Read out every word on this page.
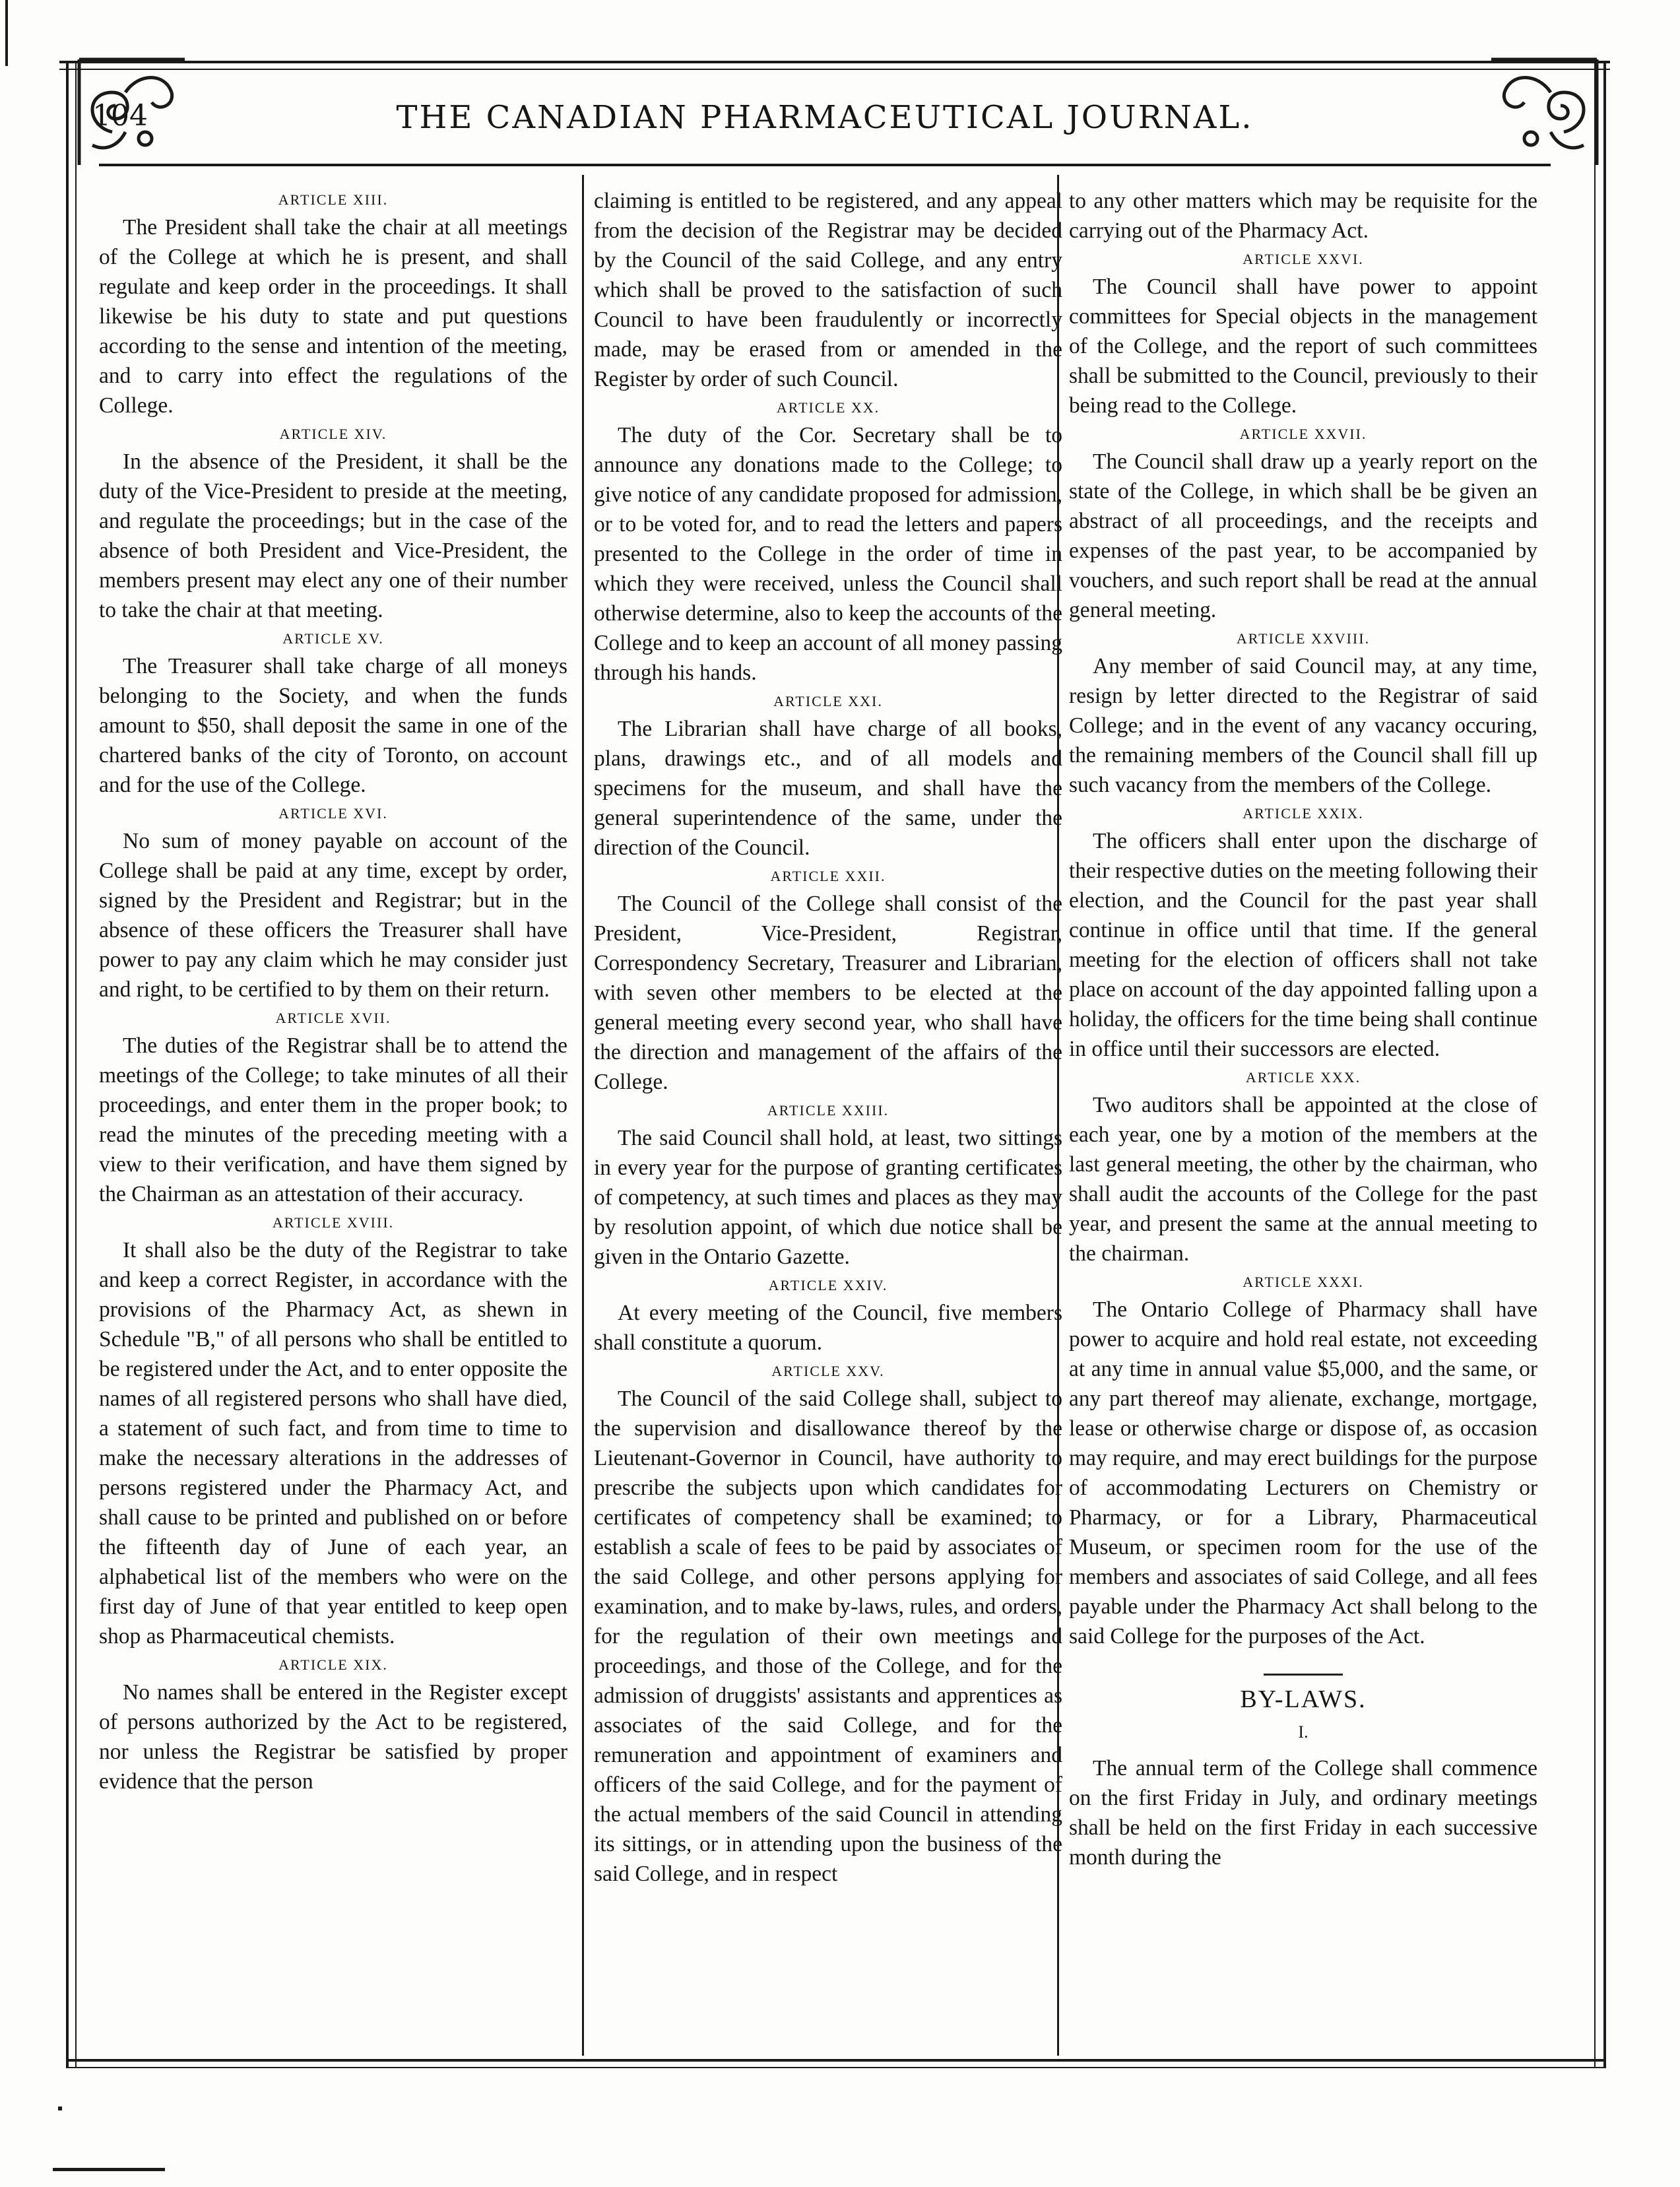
104	THE CANADIAN PHARMACEUTICAL JOURNAL.
ARTICLE XIII.

The President shall take the chair at all meetings of the College at which he is present, and shall regulate and keep order in the proceedings. It shall likewise be his duty to state and put questions according to the sense and intention of the meeting, and to carry into effect the regulations of the College.

ARTICLE XIV.

In the absence of the President, it shall be the duty of the Vice-President to preside at the meeting, and regulate the proceedings; but in the case of the absence of both President and Vice-President, the members present may elect any one of their number to take the chair at that meeting.

ARTICLE XV.

The Treasurer shall take charge of all moneys belonging to the Society, and when the funds amount to $50, shall deposit the same in one of the chartered banks of the city of Toronto, on account and for the use of the College.

ARTICLE XVI.

No sum of money payable on account of the College shall be paid at any time, except by order, signed by the President and Registrar; but in the absence of these officers the Treasurer shall have power to pay any claim which he may consider just and right, to be certified to by them on their return.

ARTICLE XVII.

The duties of the Registrar shall be to attend the meetings of the College; to take minutes of all their proceedings, and enter them in the proper book; to read the minutes of the preceding meeting with a view to their verification, and have them signed by the Chairman as an attestation of their accuracy.

ARTICLE XVIII.

It shall also be the duty of the Registrar to take and keep a correct Register, in accordance with the provisions of the Pharmacy Act, as shewn in Schedule "B," of all persons who shall be entitled to be registered under the Act, and to enter opposite the names of all registered persons who shall have died, a statement of such fact, and from time to time to make the necessary alterations in the addresses of persons registered under the Pharmacy Act, and shall cause to be printed and published on or before the fifteenth day of June of each year, an alphabetical list of the members who were on the first day of June of that year entitled to keep open shop as Pharmaceutical chemists.

ARTICLE XIX.

No names shall be entered in the Register except of persons authorized by the Act to be registered, nor unless the Registrar be satisfied by proper evidence that the person

claiming is entitled to be registered, and any appeal from the decision of the Registrar may be decided by the Council of the said College, and any entry which shall be proved to the satisfaction of such Council to have been fraudulently or incorrectly made, may be erased from or amended in the Register by order of such Council.

ARTICLE XX.

The duty of the Cor. Secretary shall be to announce any donations made to the College; to give notice of any candidate proposed for admission, or to be voted for, and to read the letters and papers presented to the College in the order of time in which they were received, unless the Council shall otherwise determine, also to keep the accounts of the College and to keep an account of all money passing through his hands.

ARTICLE XXI.

The Librarian shall have charge of all books, plans, drawings etc., and of all models and specimens for the museum, and shall have the general superintendence of the same, under the direction of the Council.

ARTICLE XXII.

The Council of the College shall consist of the President, Vice-President, Registrar, Correspondency Secretary, Treasurer and Librarian, with seven other members to be elected at the general meeting every second year, who shall have the direction and management of the affairs of the College.

ARTICLE XXIII.

The said Council shall hold, at least, two sittings in every year for the purpose of granting certificates of competency, at such times and places as they may by resolution appoint, of which due notice shall be given in the Ontario Gazette.

ARTICLE XXIV.

At every meeting of the Council, five members shall constitute a quorum.

ARTICLE XXV.

The Council of the said College shall, subject to the supervision and disallowance thereof by the Lieutenant-Governor in Council, have authority to prescribe the subjects upon which candidates for certificates of competency shall be examined; to establish a scale of fees to be paid by associates of the said College, and other persons applying for examination, and to make by-laws, rules, and orders, for the regulation of their own meetings and proceedings, and those of the College, and for the admission of druggists' assistants and apprentices as associates of the said College, and for the remuneration and appointment of examiners and officers of the said College, and for the payment of the actual members of the said Council in attending its sittings, or in attending upon the business of the said College, and in respect

to any other matters which may be requisite for the carrying out of the Pharmacy Act.

ARTICLE XXVI.

The Council shall have power to appoint committees for Special objects in the management of the College, and the report of such committees shall be submitted to the Council, previously to their being read to the College.

ARTICLE XXVII.

The Council shall draw up a yearly report on the state of the College, in which shall be be given an abstract of all proceedings, and the receipts and expenses of the past year, to be accompanied by vouchers, and such report shall be read at the annual general meeting.

ARTICLE XXVIII.

Any member of said Council may, at any time, resign by letter directed to the Registrar of said College; and in the event of any vacancy occuring, the remaining members of the Council shall fill up such vacancy from the members of the College.

ARTICLE XXIX.

The officers shall enter upon the discharge of their respective duties on the meeting following their election, and the Council for the past year shall continue in office until that time. If the general meeting for the election of officers shall not take place on account of the day appointed falling upon a holiday, the officers for the time being shall continue in office until their successors are elected.

ARTICLE XXX.

Two auditors shall be appointed at the close of each year, one by a motion of the members at the last general meeting, the other by the chairman, who shall audit the accounts of the College for the past year, and present the same at the annual meeting to the chairman.

ARTICLE XXXI.

The Ontario College of Pharmacy shall have power to acquire and hold real estate, not exceeding at any time in annual value $5,000, and the same, or any part thereof may alienate, exchange, mortgage, lease or otherwise charge or dispose of, as occasion may require, and may erect buildings for the purpose of accommodating Lecturers on Chemistry or Pharmacy, or for a Library, Pharmaceutical Museum, or specimen room for the use of the members and associates of said College, and all fees payable under the Pharmacy Act shall belong to the said College for the purposes of the Act.

BY-LAWS.
I.

The annual term of the College shall commence on the first Friday in July, and ordinary meetings shall be held on the first Friday in each successive month during the
